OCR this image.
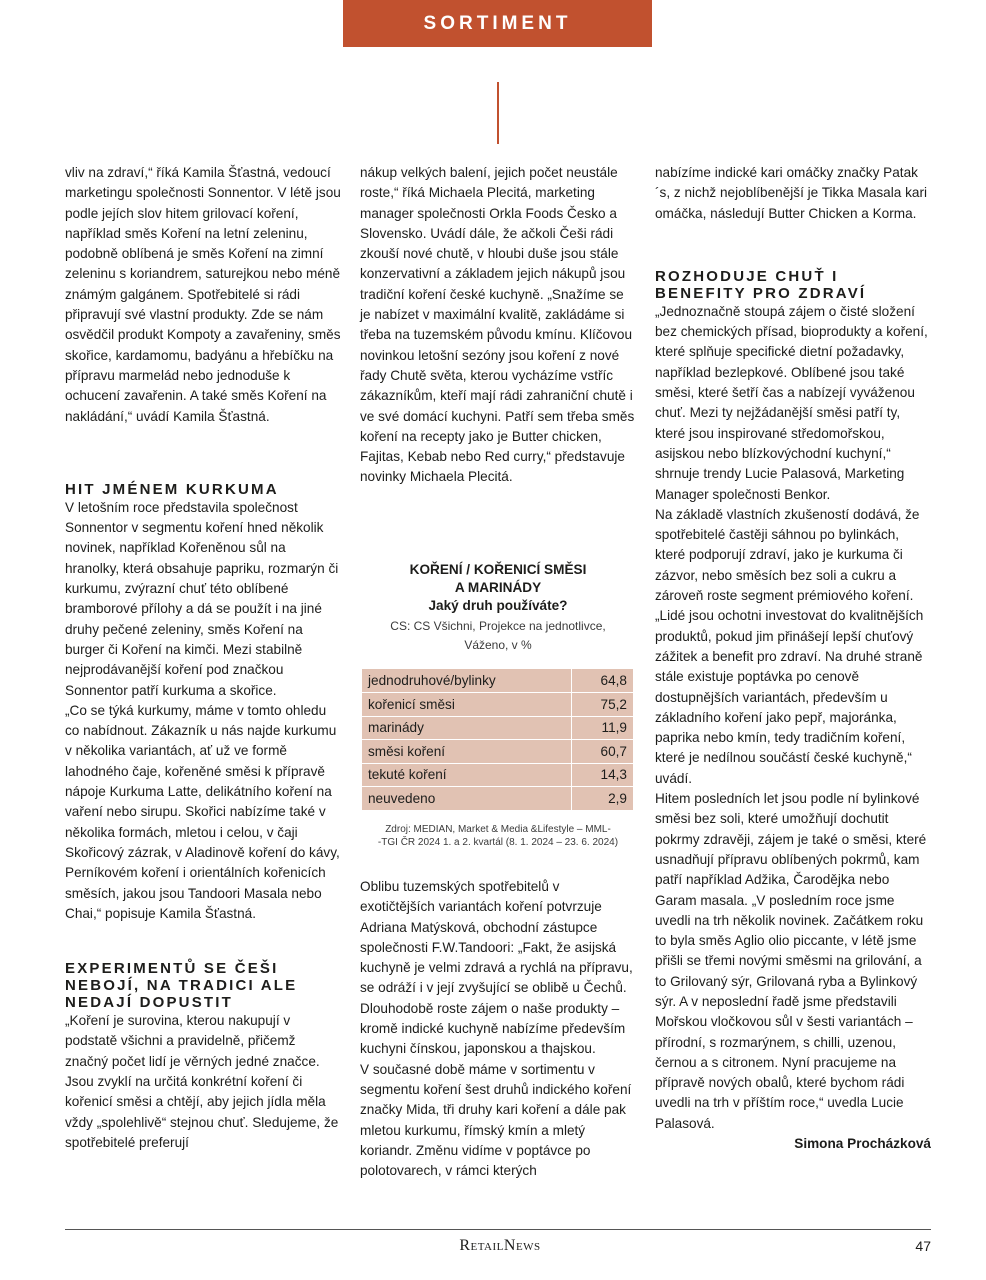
SORTIMENT

vliv na zdraví,“ říká Kamila Šťastná, vedoucí marketingu společnosti Sonnentor. V létě jsou podle jejích slov hitem grilovací koření, například směs Koření na letní zeleninu, podobně oblíbená je směs Koření na zimní zeleninu s koriandrem, saturejkou nebo méně známým galgánem. Spotřebitelé si rádi připravují své vlastní produkty. Zde se nám osvědčil produkt Kompoty a zavařeniny, směs skořice, kardamomu, badyánu a hřebíčku na přípravu marmelád nebo jednoduše k ochucení zavařenin. A také směs Koření na nakládání,“ uvádí Kamila Šťastná.

HIT JMÉNEM KURKUMA

V letošním roce představila společnost Sonnentor v segmentu koření hned několik novinek, například Kořeněnou sůl na hranolky, která obsahuje papriku, rozmarýn či kurkumu, zvýrazní chuť této oblíbené bramborové přílohy a dá se použít i na jiné druhy pečené zeleniny, směs Koření na burger či Koření na kimči. Mezi stabilně nejprodávanější koření pod značkou Sonnentor patří kurkuma a skořice.

„Co se týká kurkumy, máme v tomto ohledu co nabídnout. Zákazník u nás najde kurkumu v několika variantách, ať už ve formě lahodného čaje, kořeněné směsi k přípravě nápoje Kurkuma Latte, delikátního koření na vaření nebo sirupu. Skořici nabízíme také v několika formách, mletou i celou, v čaji Skořicový zázrak, v Aladinově koření do kávy, Perníkovém koření i orientálních kořenicích směsích, jakou jsou Tandoori Masala nebo Chai,“ popisuje Kamila Šťastná.

EXPERIMENTŮ SE ČEŠI NEBOJÍ, NA TRADICI ALE NEDAJÍ DOPUSTIT

„Koření je surovina, kterou nakupují v podstatě všichni a pravidelně, přičemž značný počet lidí je věrných jedné značce. Jsou zvyklí na určitá konkrétní koření či kořenicí směsi a chtějí, aby jejich jídla měla vždy „spolehlivě“ stejnou chuť. Sledujeme, že spotřebitelé preferují

nákup velkých balení, jejich počet neustále roste,“ říká Michaela Plecitá, marketing manager společnosti Orkla Foods Česko a Slovensko. Uvádí dále, že ačkoli Češi rádi zkouší nové chutě, v hloubi duše jsou stále konzervativní a základem jejich nákupů jsou tradiční koření české kuchyně. „Snažíme se je nabízet v maximální kvalitě, zakládáme si třeba na tuzemském původu kmínu. Klíčovou novinkou letošní sezóny jsou koření z nové řady Chutě světa, kterou vycházíme vstříc zákazníkům, kteří mají rádi zahraniční chutě i ve své domácí kuchyni. Patří sem třeba směs koření na recepty jako je Butter chicken, Fajitas, Kebab nebo Red curry,“ představuje novinky Michaela Plecitá.

KOŘENÍ / KOŘENICÍ SMĚSI
A MARINÁDY
Jaký druh používáte?
CS: CS Všichni, Projekce na jednotlivce,
Váženo, v %
jednodruhové/bylinky	64,8
kořenicí směsi	75,2
marinády	11,9
směsi koření	60,7
tekuté koření	14,3
neuvedeno	2,9
Zdroj: MEDIAN, Market & Media &Lifestyle – MML-
-TGI ČR 2024 1. a 2. kvartál (8. 1. 2024 – 23. 6. 2024)

Oblibu tuzemských spotřebitelů v exotičtějších variantách koření potvrzuje Adriana Matýsková, obchodní zástupce společnosti F.W.Tandoori: „Fakt, že asijská kuchyně je velmi zdravá a rychlá na přípravu, se odráží i v její zvyšující se oblibě u Čechů. Dlouhodobě roste zájem o naše produkty – kromě indické kuchyně nabízíme především kuchyni čínskou, japonskou a thajskou.

V současné době máme v sortimentu v segmentu koření šest druhů indického koření značky Mida, tři druhy kari koření a dále pak mletou kurkumu, římský kmín a mletý koriandr. Změnu vidíme v poptávce po polotovarech, v rámci kterých

nabízíme indické kari omáčky značky Patak´s, z nichž nejoblíbenější je Tikka Masala kari omáčka, následují Butter Chicken a Korma.

ROZHODUJE CHUŤ I BENEFITY PRO ZDRAVÍ

„Jednoznačně stoupá zájem o čisté složení bez chemických přísad, bioprodukty a koření, které splňuje specifické dietní požadavky, například bezlepkové. Oblíbené jsou také směsi, které šetří čas a nabízejí vyváženou chuť. Mezi ty nejžádanější směsi patří ty, které jsou inspirované středomořskou, asijskou nebo blízkovýchodní kuchyní,“ shrnuje trendy Lucie Palasová, Marketing Manager společnosti Benkor.

Na základě vlastních zkušeností dodává, že spotřebitelé častěji sáhnou po bylinkách, které podporují zdraví, jako je kurkuma či zázvor, nebo směsích bez soli a cukru a zároveň roste segment prémiového koření. „Lidé jsou ochotni investovat do kvalitnějších produktů, pokud jim přinášejí lepší chuťový zážitek a benefit pro zdraví. Na druhé straně stále existuje poptávka po cenově dostupnějších variantách, především u základního koření jako pepř, majoránka, paprika nebo kmín, tedy tradičním koření, které je nedílnou součástí české kuchyně,“ uvádí.

Hitem posledních let jsou podle ní bylinkové směsi bez soli, které umožňují dochutit pokrmy zdravěji, zájem je také o směsi, které usnadňují přípravu oblíbených pokrmů, kam patří například Adžika, Čarodějka nebo Garam masala. „V posledním roce jsme uvedli na trh několik novinek. Začátkem roku to byla směs Aglio olio piccante, v létě jsme přišli se třemi novými směsmi na grilování, a to Grilovaný sýr, Grilovaná ryba a Bylinkový sýr. A v neposlední řadě jsme představili Mořskou vločkovou sůl v šesti variantách – přírodní, s rozmarýnem, s chilli, uzenou, černou a s citronem. Nyní pracujeme na přípravě nových obalů, které bychom rádi uvedli na trh v příštím roce,“ uvedla Lucie Palasová.

Simona Procházková

RetailNews	47
